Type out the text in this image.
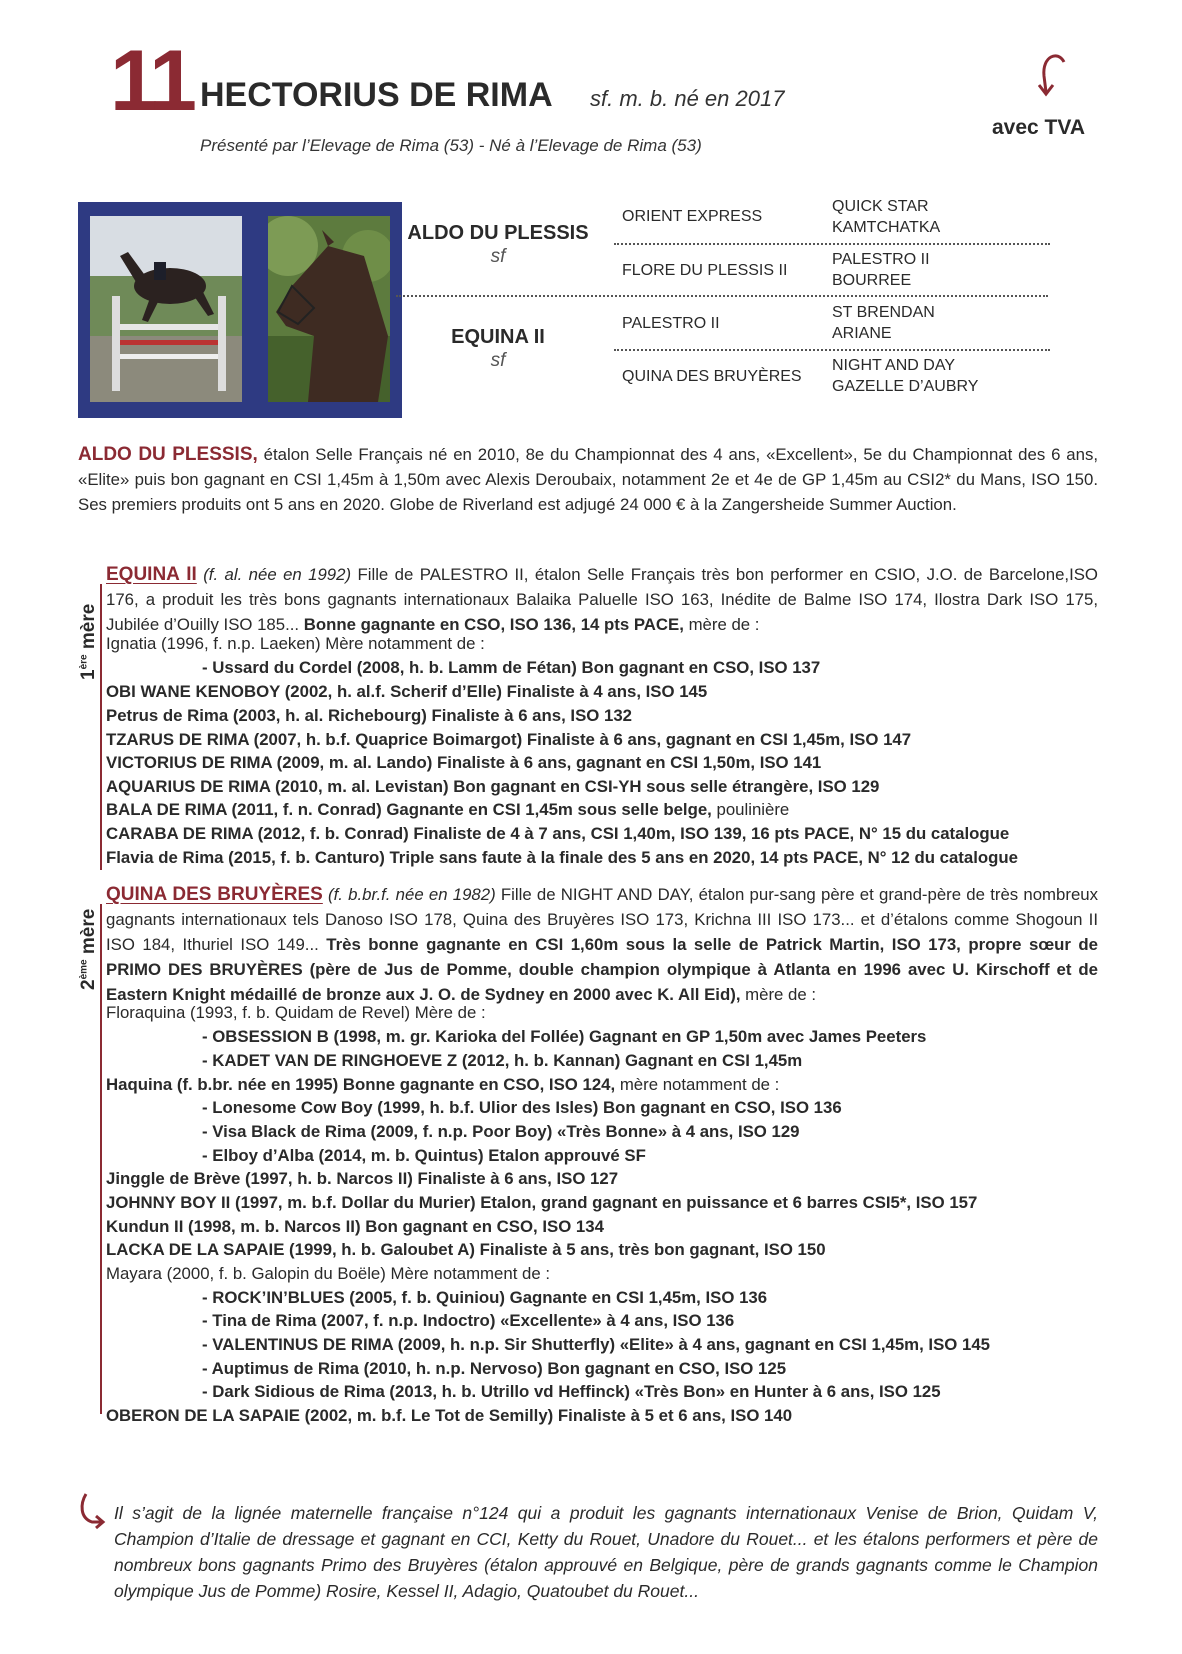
11 HECTORIUS DE RIMA sf. m. b. né en 2017
Présenté par l’Elevage de Rima (53) - Né à l’Elevage de Rima (53)
avec TVA
ALDO DU PLESSIS
sf
EQUINA II
sf
ORIENT EXPRESS
FLORE DU PLESSIS II
PALESTRO II
QUINA DES BRUYÈRES
QUICK STAR
KAMTCHATKA
PALESTRO II
BOURREE
ST BRENDAN
ARIANE
NIGHT AND DAY
GAZELLE D’AUBRY
ALDO DU PLESSIS, étalon Selle Français né en 2010, 8e du Championnat des 4 ans, «Excellent», 5e du Championnat des 6 ans, «Elite» puis bon gagnant en CSI 1,45m à 1,50m avec Alexis Deroubaix, notamment 2e et 4e de GP 1,45m au CSI2* du Mans, ISO 150. Ses premiers produits ont 5 ans en 2020. Globe de Riverland est adjugé 24 000 € à la Zangersheide Summer Auction.
1ère mère
EQUINA II (f. al. née en 1992) Fille de PALESTRO II, étalon Selle Français très bon performer en CSIO, J.O. de Barcelone,ISO 176, a produit les très bons gagnants internationaux Balaika Paluelle ISO 163, Inédite de Balme ISO 174, Ilostra Dark ISO 175, Jubilée d’Ouilly ISO 185... Bonne gagnante en CSO, ISO 136, 14 pts PACE, mère de :
Ignatia (1996, f. n.p. Laeken) Mère notamment de :
- Ussard du Cordel (2008, h. b. Lamm de Fétan) Bon gagnant en CSO, ISO 137
OBI WANE KENOBOY (2002, h. al.f. Scherif d’Elle) Finaliste à 4 ans, ISO 145
Petrus de Rima (2003, h. al. Richebourg) Finaliste à 6 ans, ISO 132
TZARUS DE RIMA (2007, h. b.f. Quaprice Boimargot) Finaliste à 6 ans, gagnant en CSI 1,45m, ISO 147
VICTORIUS DE RIMA (2009, m. al. Lando) Finaliste à 6 ans, gagnant en CSI 1,50m, ISO 141
AQUARIUS DE RIMA (2010, m. al. Levistan) Bon gagnant en CSI-YH sous selle étrangère, ISO 129
BALA DE RIMA (2011, f. n. Conrad) Gagnante en CSI 1,45m sous selle belge, poulinière
CARABA DE RIMA (2012, f. b. Conrad) Finaliste de 4 à 7 ans, CSI 1,40m, ISO 139, 16 pts PACE, N° 15 du catalogue
Flavia de Rima (2015, f. b. Canturo) Triple sans faute à la finale des 5 ans en 2020, 14 pts PACE, N° 12 du catalogue
2ème mère
QUINA DES BRUYÈRES (f. b.br.f. née en 1982) Fille de NIGHT AND DAY, étalon pur-sang père et grand-père de très nombreux gagnants internationaux tels Danoso ISO 178, Quina des Bruyères ISO 173, Krichna III ISO 173... et d’étalons comme Shogoun II ISO 184, Ithuriel ISO 149... Très bonne gagnante en CSI 1,60m sous la selle de Patrick Martin, ISO 173, propre sœur de PRIMO DES BRUYÈRES (père de Jus de Pomme, double champion olympique à Atlanta en 1996 avec U. Kirschoff et de Eastern Knight médaillé de bronze aux J. O. de Sydney en 2000 avec K. All Eid), mère de :
Floraquina (1993, f. b. Quidam de Revel) Mère de :
- OBSESSION B (1998, m. gr. Karioka del Follée) Gagnant en GP 1,50m avec James Peeters
- KADET VAN DE RINGHOEVE Z (2012, h. b. Kannan) Gagnant en CSI 1,45m
Haquina (f. b.br. née en 1995) Bonne gagnante en CSO, ISO 124, mère notamment de :
- Lonesome Cow Boy (1999, h. b.f. Ulior des Isles) Bon gagnant en CSO, ISO 136
- Visa Black de Rima (2009, f. n.p. Poor Boy) «Très Bonne» à 4 ans, ISO 129
- Elboy d’Alba (2014, m. b. Quintus) Etalon approuvé SF
Jinggle de Brève (1997, h. b. Narcos II) Finaliste à 6 ans, ISO 127
JOHNNY BOY II (1997, m. b.f. Dollar du Murier) Etalon, grand gagnant en puissance et 6 barres CSI5*, ISO 157
Kundun II (1998, m. b. Narcos II) Bon gagnant en CSO, ISO 134
LACKA DE LA SAPAIE (1999, h. b. Galoubet A) Finaliste à 5 ans, très bon gagnant, ISO 150
Mayara (2000, f. b. Galopin du Boële) Mère notamment de :
- ROCK’IN’BLUES (2005, f. b. Quiniou) Gagnante en CSI 1,45m, ISO 136
- Tina de Rima (2007, f. n.p. Indoctro) «Excellente» à 4 ans, ISO 136
- VALENTINUS DE RIMA (2009, h. n.p. Sir Shutterfly) «Elite» à 4 ans, gagnant en CSI 1,45m, ISO 145
- Auptimus de Rima (2010, h. n.p. Nervoso) Bon gagnant en CSO, ISO 125
- Dark Sidious de Rima (2013, h. b. Utrillo vd Heffinck) «Très Bon» en Hunter à 6 ans, ISO 125
OBERON DE LA SAPAIE (2002, m. b.f. Le Tot de Semilly) Finaliste à 5 et 6 ans, ISO 140
Il s’agit de la lignée maternelle française n°124 qui a produit les gagnants internationaux Venise de Brion, Quidam V, Champion d’Italie de dressage et gagnant en CCI, Ketty du Rouet, Unadore du Rouet... et les étalons performers et père de nombreux bons gagnants Primo des Bruyères (étalon approuvé en Belgique, père de grands gagnants comme le Champion olympique Jus de Pomme) Rosire, Kessel II, Adagio, Quatoubet du Rouet...
